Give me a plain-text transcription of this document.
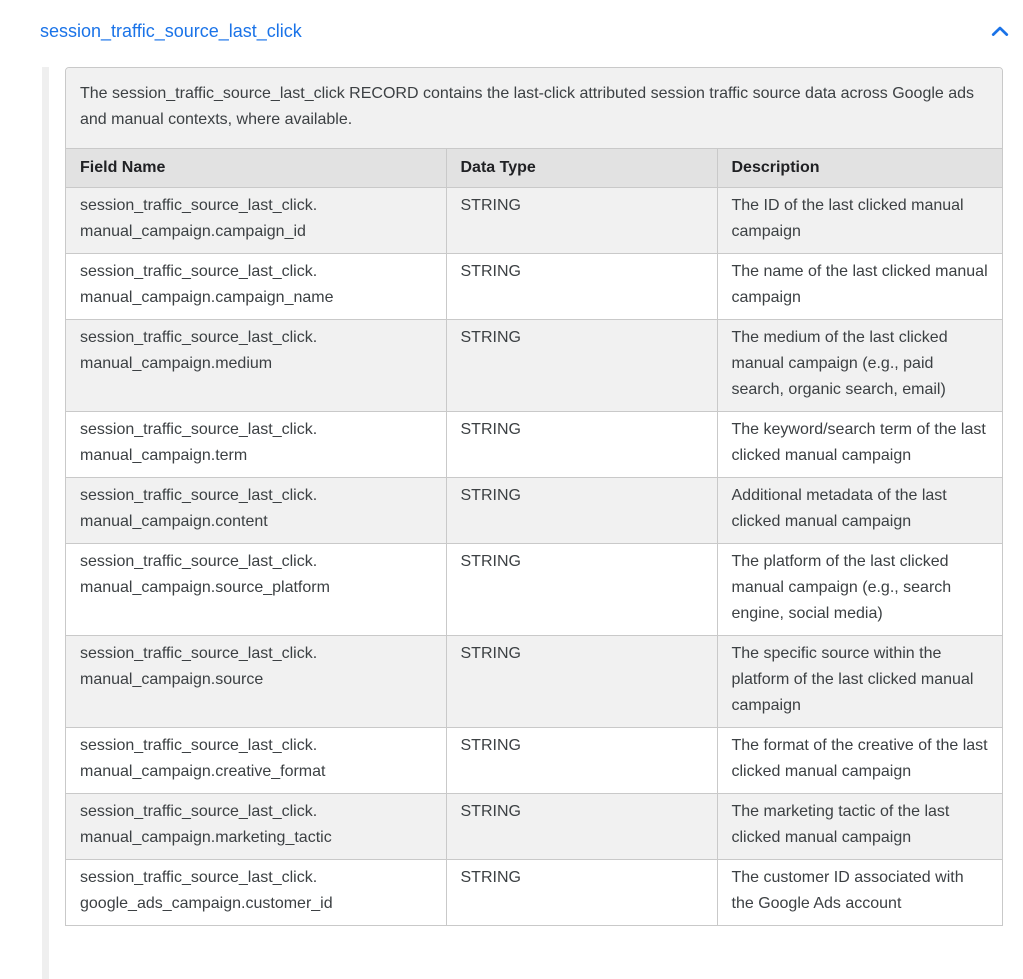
session_traffic_source_last_click
The session_traffic_source_last_click RECORD contains the last-click attributed session traffic source data across Google ads and manual contexts, where available.
Field Name	Data Type	Description
session_traffic_source_last_click.manual_campaign.campaign_id	STRING	The ID of the last clicked manual campaign
session_traffic_source_last_click.manual_campaign.campaign_name	STRING	The name of the last clicked manual campaign
session_traffic_source_last_click.manual_campaign.medium	STRING	The medium of the last clicked manual campaign (e.g., paid search, organic search, email)
session_traffic_source_last_click.manual_campaign.term	STRING	The keyword/search term of the last clicked manual campaign
session_traffic_source_last_click.manual_campaign.content	STRING	Additional metadata of the last clicked manual campaign
session_traffic_source_last_click.manual_campaign.source_platform	STRING	The platform of the last clicked manual campaign (e.g., search engine, social media)
session_traffic_source_last_click.manual_campaign.source	STRING	The specific source within the platform of the last clicked manual campaign
session_traffic_source_last_click.manual_campaign.creative_format	STRING	The format of the creative of the last clicked manual campaign
session_traffic_source_last_click.manual_campaign.marketing_tactic	STRING	The marketing tactic of the last clicked manual campaign
session_traffic_source_last_click.google_ads_campaign.customer_id	STRING	The customer ID associated with the Google Ads account
